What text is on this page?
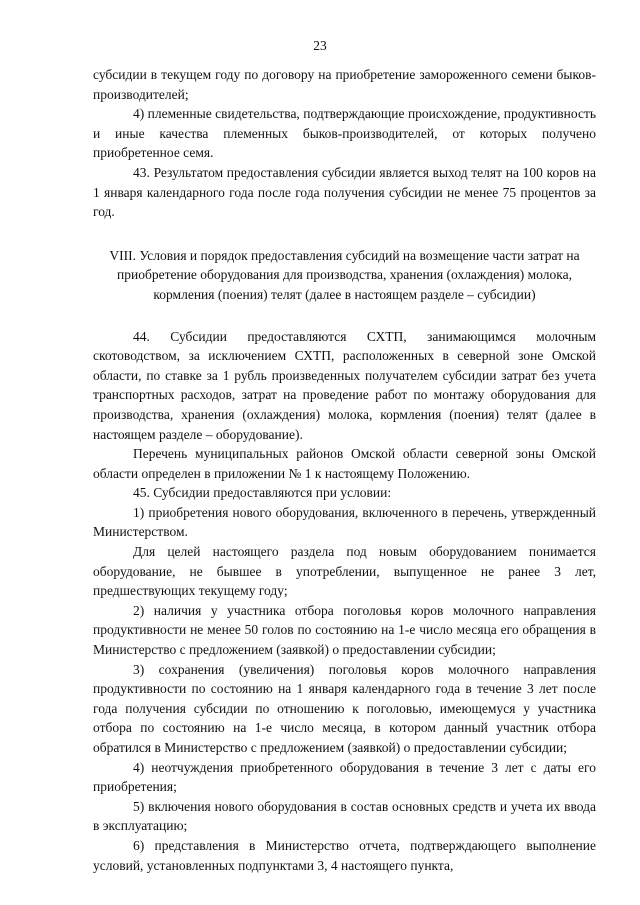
23

субсидии в текущем году по договору на приобретение замороженного семени быков-производителей;

4) племенные свидетельства, подтверждающие происхождение, продуктивность и иные качества племенных быков-производителей, от которых получено приобретенное семя.

43. Результатом предоставления субсидии является выход телят на 100 коров на 1 января календарного года после года получения субсидии не менее 75 процентов за год.

VIII. Условия и порядок предоставления субсидий на возмещение части затрат на приобретение оборудования для производства, хранения (охлаждения) молока, кормления (поения) телят (далее в настоящем разделе – субсидии)

44. Субсидии предоставляются СХТП, занимающимся молочным скотоводством, за исключением СХТП, расположенных в северной зоне Омской области, по ставке за 1 рубль произведенных получателем субсидии затрат без учета транспортных расходов, затрат на проведение работ по монтажу оборудования для производства, хранения (охлаждения) молока, кормления (поения) телят (далее в настоящем разделе – оборудование).

Перечень муниципальных районов Омской области северной зоны Омской области определен в приложении № 1 к настоящему Положению.

45. Субсидии предоставляются при условии:

1) приобретения нового оборудования, включенного в перечень, утвержденный Министерством.

Для целей настоящего раздела под новым оборудованием понимается оборудование, не бывшее в употреблении, выпущенное не ранее 3 лет, предшествующих текущему году;

2) наличия у участника отбора поголовья коров молочного направления продуктивности не менее 50 голов по состоянию на 1-е число месяца его обращения в Министерство с предложением (заявкой) о предоставлении субсидии;

3) сохранения (увеличения) поголовья коров молочного направления продуктивности по состоянию на 1 января календарного года в течение 3 лет после года получения субсидии по отношению к поголовью, имеющемуся у участника отбора по состоянию на 1-е число месяца, в котором данный участник отбора обратился в Министерство с предложением (заявкой) о предоставлении субсидии;

4) неотчуждения приобретенного оборудования в течение 3 лет с даты его приобретения;

5) включения нового оборудования в состав основных средств и учета их ввода в эксплуатацию;

6) представления в Министерство отчета, подтверждающего выполнение условий, установленных подпунктами 3, 4 настоящего пункта,
